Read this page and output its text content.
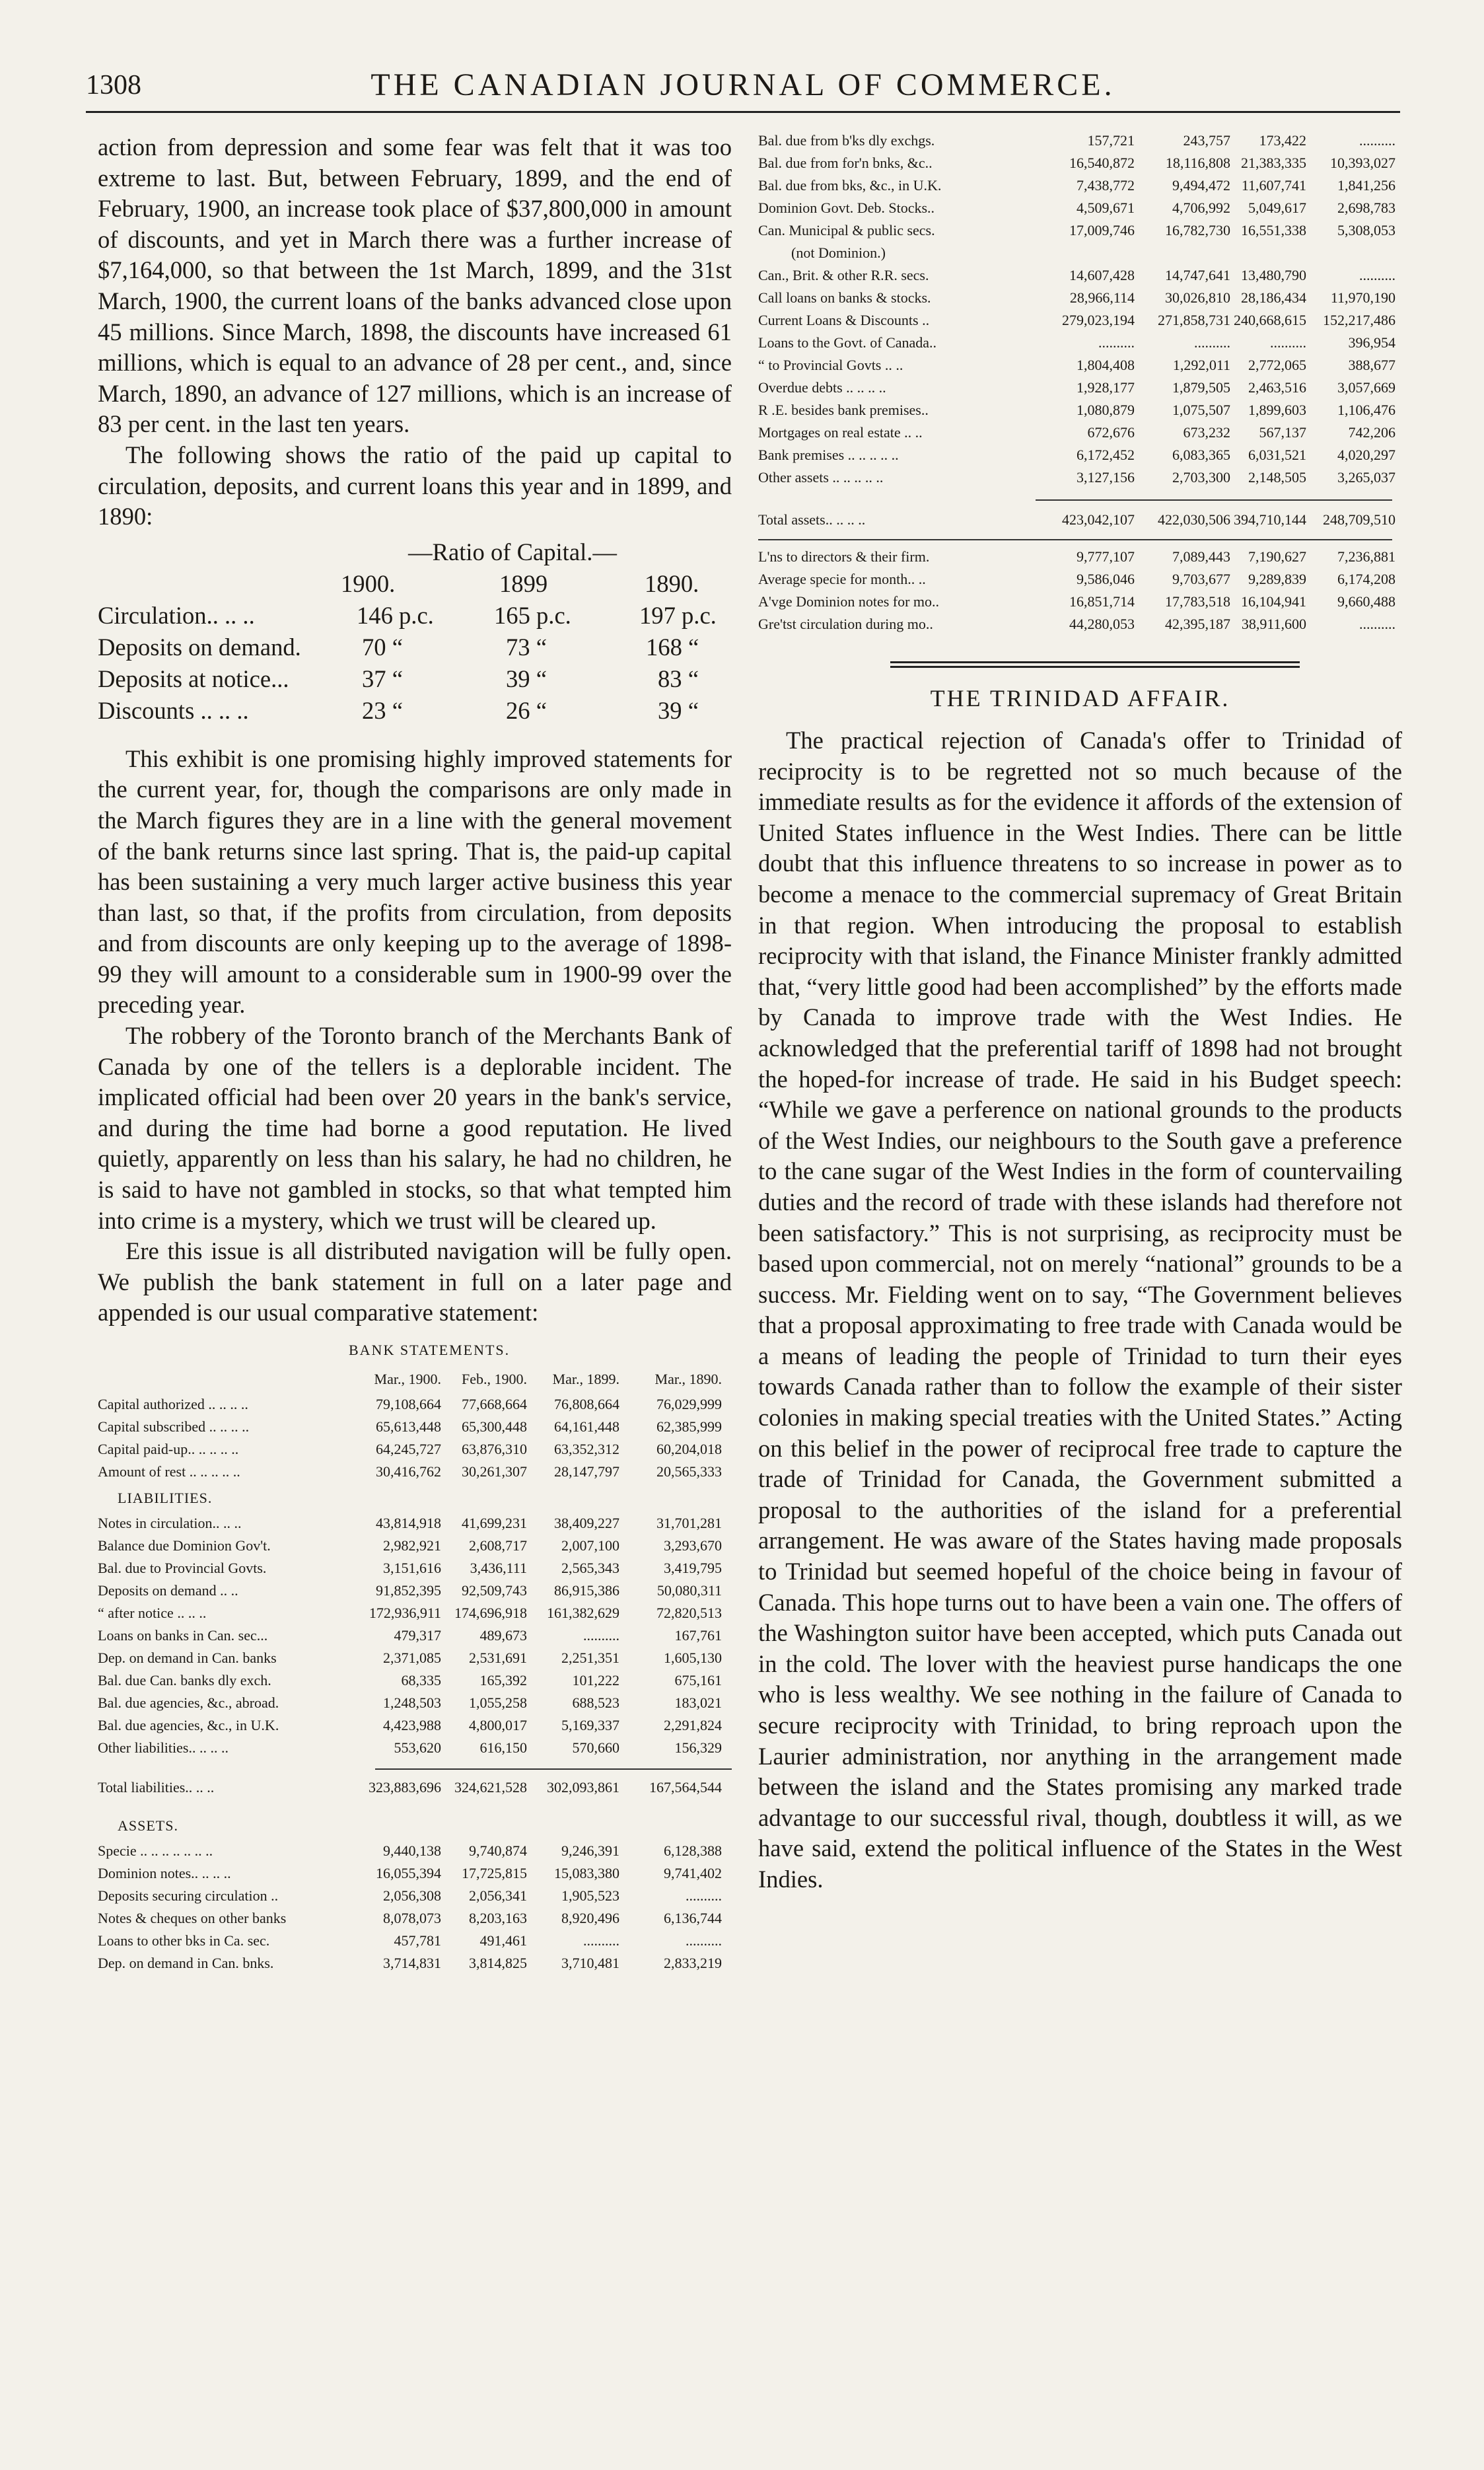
1308	THE CANADIAN JOURNAL OF COMMERCE.

action from depression and some fear was felt that it was too extreme to last. But, between February, 1899, and the end of February, 1900, an increase took place of $37,800,000 in amount of discounts, and yet in March there was a further increase of $7,164,000, so that between the 1st March, 1899, and the 31st March, 1900, the current loans of the banks advanced close upon 45 millions. Since March, 1898, the discounts have increased 61 millions, which is equal to an advance of 28 per cent., and, since March, 1890, an advance of 127 millions, which is an increase of 83 per cent. in the last ten years.

The following shows the ratio of the paid up capital to circulation, deposits, and current loans this year and in 1899, and 1890:

—Ratio of Capital.—
1900.	1899	1890.
Circulation.. .. ..	146 p.c. 165 p.c.	197 p.c.
Deposits on demand.	70 “	73 “	168 “
Deposits at notice...	37 “	39 “	83 “
Discounts .. .. ..	23 “	26 “	39 “

This exhibit is one promising highly improved statements for the current year, for, though the comparisons are only made in the March figures they are in a line with the general movement of the bank returns since last spring. That is, the paid-up capital has been sustaining a very much larger active business this year than last, so that, if the profits from circulation, from deposits and from discounts are only keeping up to the average of 1898-99 they will amount to a considerable sum in 1900-99 over the preceding year.

The robbery of the Toronto branch of the Merchants Bank of Canada by one of the tellers is a deplorable incident. The implicated official had been over 20 years in the bank's service, and during the time had borne a good reputation. He lived quietly, apparently on less than his salary, he had no children, he is said to have not gambled in stocks, so that what tempted him into crime is a mystery, which we trust will be cleared up.

Ere this issue is all distributed navigation will be fully open. We publish the bank statement in full on a later page and appended is our usual comparative statement:

BANK STATEMENTS.
Mar., 1900. Feb., 1900. Mar., 1899. Mar., 1890.
Capital authorized .. .. .. ..	79,108,664 77,668,664 76,808,664	76,029,999
Capital subscribed .. .. .. ..	65,613,448 65,300,448 64,161,448	62,385,999
Capital paid-up.. .. .. .. ..	64,245,727 63,876,310 63,352,312	60,204,018
Amount of rest .. .. .. .. ..	30,416,762 30,261,307 28,147,797	20,565,333
LIABILITIES.
Notes in circulation.. .. ..	43,814,918 41,699,231 38,409,227	31,701,281
Balance due Dominion Gov't.	2,982,921 2,608,717 2,007,100	3,293,670
Bal. due to Provincial Govts.	3,151,616 3,436,111 2,565,343	3,419,795
Deposits on demand .. ..	91,852,395 92,509,743 86,915,386	50,080,311
“ after notice .. .. ..	172,936,911 174,696,918 161,382,629	72,820,513
Loans on banks in Can. sec...	479,317	489,673	..........	167,761
Dep. on demand in Can. banks	2,371,085 2,531,691 2,251,351	1,605,130
Bal. due Can. banks dly exch.	68,335	165,392	101,222	675,161
Bal. due agencies, &c., abroad.	1,248,503 1,055,258	688,523	183,021
Bal. due agencies, &c., in U.K.	4,423,988 4,800,017 5,169,337	2,291,824
Other liabilities.. .. .. ..	553,620	616,150	570,660	156,329
Total liabilities.. .. ..	323,883,696 324,621,528 302,093,861 167,564,544
ASSETS.
Specie .. .. .. .. .. .. ..	9,440,138 9,740,874 9,246,391	6,128,388
Dominion notes.. .. .. ..	16,055,394 17,725,815 15,083,380	9,741,402
Deposits securing circulation ..	2,056,308 2,056,341 1,905,523	..........
Notes & cheques on other banks	8,078,073 8,203,163 8,920,496	6,136,744
Loans to other bks in Ca. sec.	457,781	491,461	..........	..........
Dep. on demand in Can. bnks.	3,714,831 3,814,825 3,710,481	2,833,219
Bal. due from b'ks dly exchgs.	157,721	243,757 173,422	..........
Bal. due from for'n bnks, &c..	16,540,872 18,116,808 21,383,335 10,393,027
Bal. due from bks, &c., in U.K.	7,438,772	9,494,472 11,607,741 1,841,256
Dominion Govt. Deb. Stocks..	4,509,671	4,706,992 5,049,617 2,698,783
Can. Municipal & public secs.	17,009,746 16,782,730 16,551,338 5,308,053
(not Dominion.)
Can., Brit. & other R.R. secs.	14,607,428 14,747,641 13,480,790	..........
Call loans on banks & stocks.	28,966,114 30,026,810 28,186,434 11,970,190
Current Loans & Discounts ..	279,023,194 271,858,731 240,668,615 152,217,486
Loans to the Govt. of Canada..	..........	..........	..........	396,954
“ to Provincial Govts .. ..	1,804,408	1,292,011 2,772,065	388,677
Overdue debts .. .. .. ..	1,928,177	1,879,505 2,463,516 3,057,669
R .E. besides bank premises..	1,080,879	1,075,507 1,899,603 1,106,476
Mortgages on real estate .. ..	672,676	673,232 567,137	742,206
Bank premises .. .. .. .. ..	6,172,452	6,083,365 6,031,521 4,020,297
Other assets .. .. .. .. ..	3,127,156	2,703,300 2,148,505 3,265,037
Total assets.. .. .. ..	423,042,107 422,030,506 394,710,144 248,709,510
L'ns to directors & their firm.	9,777,107	7,089,443 7,190,627 7,236,881
Average specie for month.. ..	9,586,046	9,703,677 9,289,839 6,174,208
A'vge Dominion notes for mo..	16,851,714 17,783,518 16,104,941 9,660,488
Gre'tst circulation during mo..	44,280,053 42,395,187 38,911,600	..........
THE TRINIDAD AFFAIR.

The practical rejection of Canada's offer to Trinidad of reciprocity is to be regretted not so much because of the immediate results as for the evidence it affords of the extension of United States influence in the West Indies. There can be little doubt that this influence threatens to so increase in power as to become a menace to the commercial supremacy of Great Britain in that region. When introducing the proposal to establish reciprocity with that island, the Finance Minister frankly admitted that, “very little good had been accomplished” by the efforts made by Canada to improve trade with the West Indies. He acknowledged that the preferential tariff of 1898 had not brought the hoped-for increase of trade. He said in his Budget speech: “While we gave a perference on national grounds to the products of the West Indies, our neighbours to the South gave a preference to the cane sugar of the West Indies in the form of countervailing duties and the record of trade with these islands had therefore not been satisfactory.” This is not surprising, as reciprocity must be based upon commercial, not on merely “national” grounds to be a success. Mr. Fielding went on to say, “The Government believes that a proposal approximating to free trade with Canada would be a means of leading the people of Trinidad to turn their eyes towards Canada rather than to follow the example of their sister colonies in making special treaties with the United States.” Acting on this belief in the power of reciprocal free trade to capture the trade of Trinidad for Canada, the Government submitted a proposal to the authorities of the island for a preferential arrangement. He was aware of the States having made proposals to Trinidad but seemed hopeful of the choice being in favour of Canada. This hope turns out to have been a vain one. The offers of the Washington suitor have been accepted, which puts Canada out in the cold. The lover with the heaviest purse handicaps the one who is less wealthy. We see nothing in the failure of Canada to secure reciprocity with Trinidad, to bring reproach upon the Laurier administration, nor anything in the arrangement made between the island and the States promising any marked trade advantage to our successful rival, though, doubtless it will, as we have said, extend the political influence of the States in the West Indies.
